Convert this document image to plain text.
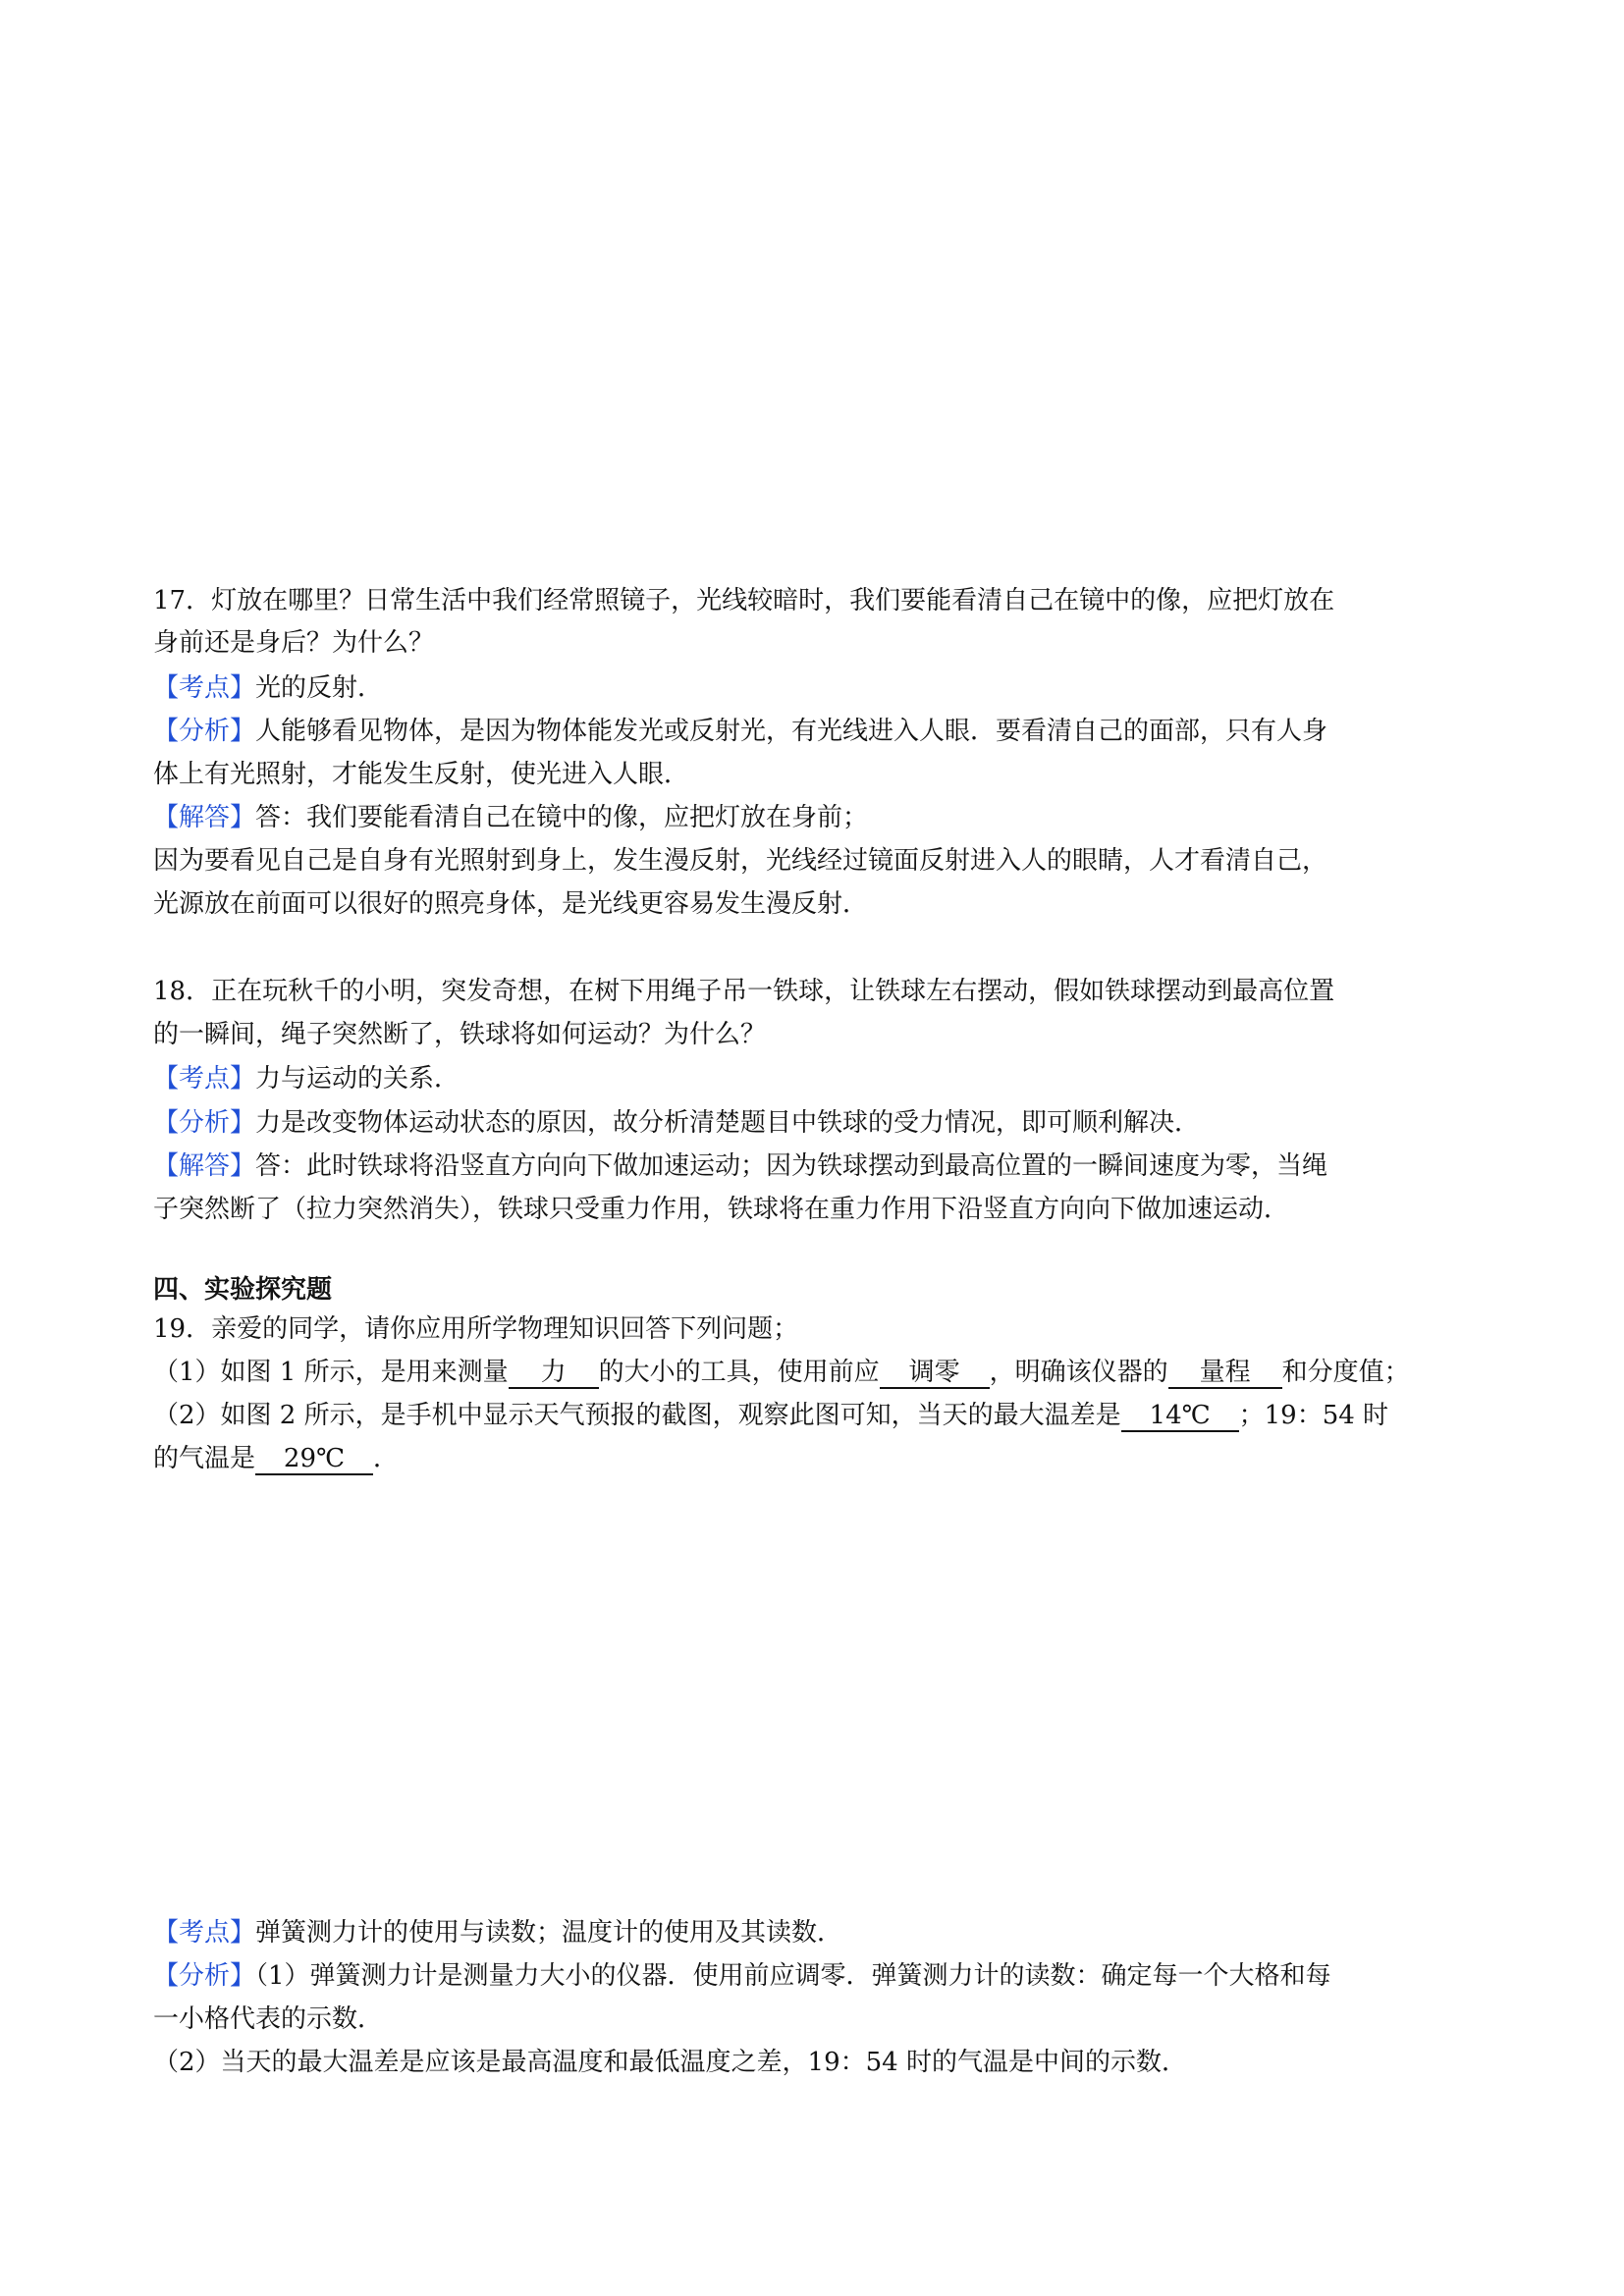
17．灯放在哪里？日常生活中我们经常照镜子，光线较暗时，我们要能看清自己在镜中的像，应把灯放在
身前还是身后？为什么？
【考点】光的反射．
【分析】人能够看见物体，是因为物体能发光或反射光，有光线进入人眼．要看清自己的面部，只有人身
体上有光照射，才能发生反射，使光进入人眼．
【解答】答：我们要能看清自己在镜中的像，应把灯放在身前；
因为要看见自己是自身有光照射到身上，发生漫反射，光线经过镜面反射进入人的眼睛，人才看清自己，
光源放在前面可以很好的照亮身体，是光线更容易发生漫反射．
18．正在玩秋千的小明，突发奇想，在树下用绳子吊一铁球，让铁球左右摆动，假如铁球摆动到最高位置
的一瞬间，绳子突然断了，铁球将如何运动？为什么？
【考点】力与运动的关系．
【分析】力是改变物体运动状态的原因，故分析清楚题目中铁球的受力情况，即可顺利解决．
【解答】答：此时铁球将沿竖直方向向下做加速运动；因为铁球摆动到最高位置的一瞬间速度为零，当绳
子突然断了（拉力突然消失），铁球只受重力作用，铁球将在重力作用下沿竖直方向向下做加速运动．
四、实验探究题
19．亲爱的同学，请你应用所学物理知识回答下列问题；
（1）如图 1 所示，是用来测量 力 的大小的工具，使用前应 调零 ，明确该仪器的 量程 和分度值；
（2）如图 2 所示，是手机中显示天气预报的截图，观察此图可知，当天的最大温差是 14℃ ；19：54 时
的气温是 29℃ ．
【考点】弹簧测力计的使用与读数；温度计的使用及其读数．
【分析】（1）弹簧测力计是测量力大小的仪器．使用前应调零．弹簧测力计的读数：确定每一个大格和每
一小格代表的示数．
（2）当天的最大温差是应该是最高温度和最低温度之差，19：54 时的气温是中间的示数．
